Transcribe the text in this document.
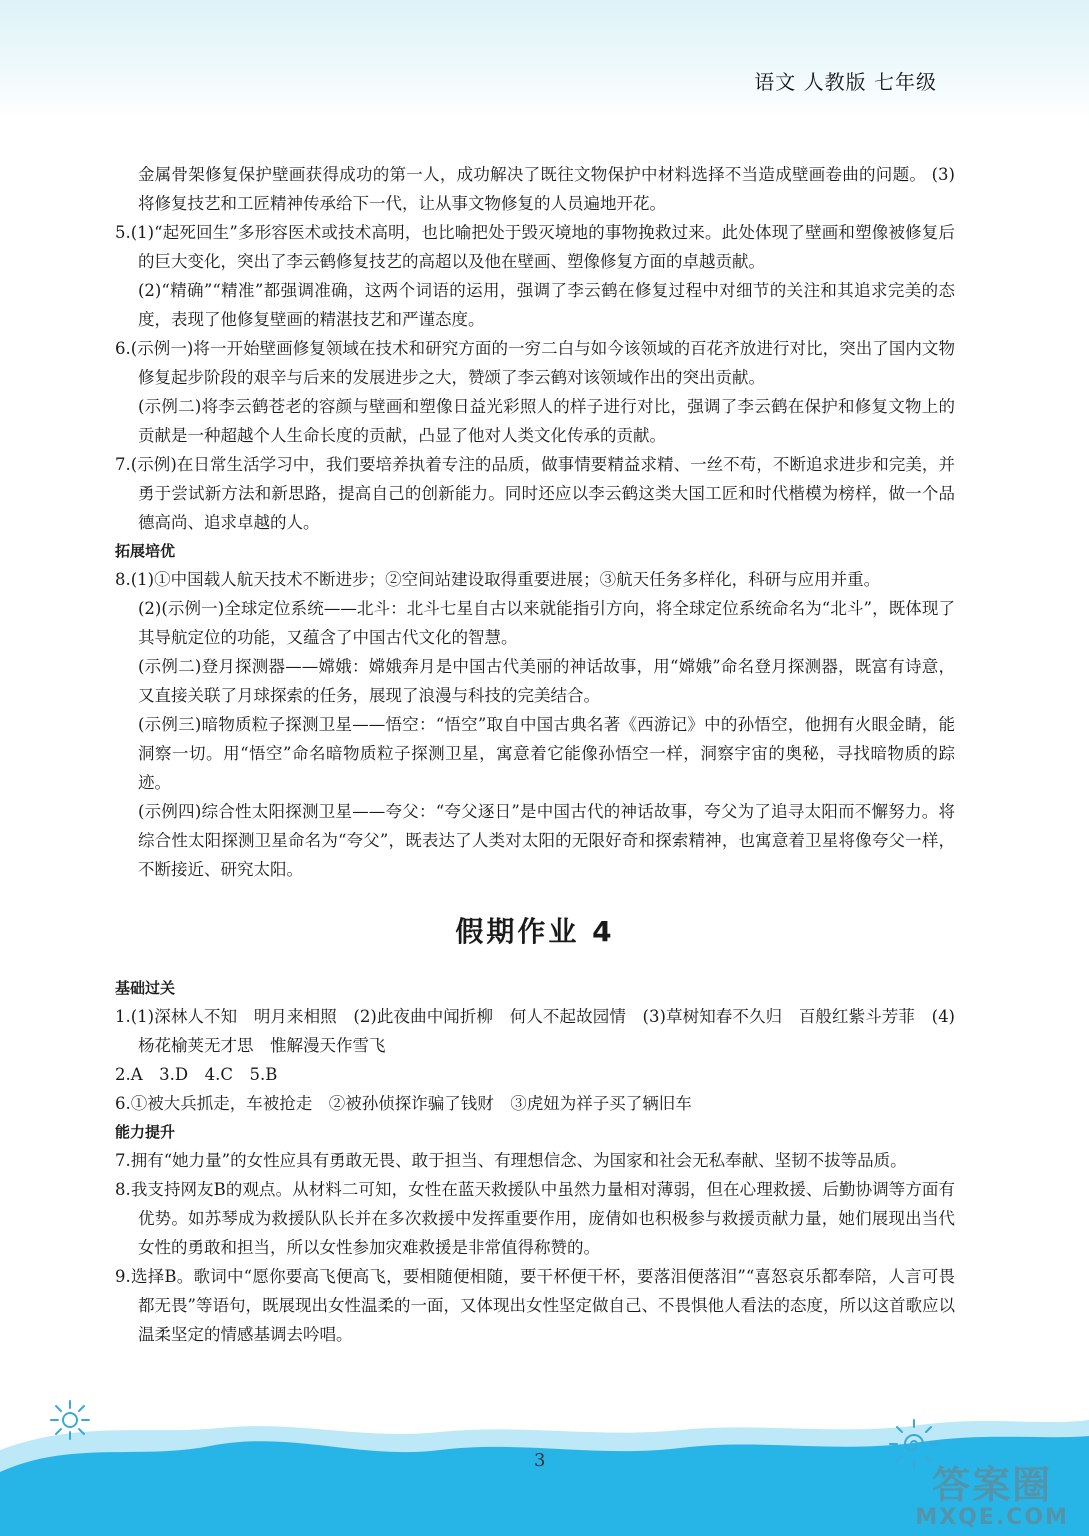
语文 人教版 七年级

金属骨架修复保护壁画获得成功的第一人，成功解决了既往文物保护中材料选择不当造成壁画卷曲的问题。 (3)将修复技艺和工匠精神传承给下一代，让从事文物修复的人员遍地开花。

5.(1)“起死回生”多形容医术或技术高明，也比喻把处于毁灭境地的事物挽救过来。此处体现了壁画和塑像被修复后的巨大变化，突出了李云鹤修复技艺的高超以及他在壁画、塑像修复方面的卓越贡献。

(2)“精确”“精准”都强调准确，这两个词语的运用，强调了李云鹤在修复过程中对细节的关注和其追求完美的态度，表现了他修复壁画的精湛技艺和严谨态度。

6.(示例一)将一开始壁画修复领域在技术和研究方面的一穷二白与如今该领域的百花齐放进行对比，突出了国内文物修复起步阶段的艰辛与后来的发展进步之大，赞颂了李云鹤对该领域作出的突出贡献。

(示例二)将李云鹤苍老的容颜与壁画和塑像日益光彩照人的样子进行对比，强调了李云鹤在保护和修复文物上的贡献是一种超越个人生命长度的贡献，凸显了他对人类文化传承的贡献。

7.(示例)在日常生活学习中，我们要培养执着专注的品质，做事情要精益求精、一丝不苟，不断追求进步和完美，并勇于尝试新方法和新思路，提高自己的创新能力。同时还应以李云鹤这类大国工匠和时代楷模为榜样，做一个品德高尚、追求卓越的人。

拓展培优

8.(1)①中国载人航天技术不断进步；②空间站建设取得重要进展；③航天任务多样化，科研与应用并重。

(2)(示例一)全球定位系统——北斗：北斗七星自古以来就能指引方向，将全球定位系统命名为“北斗”，既体现了其导航定位的功能，又蕴含了中国古代文化的智慧。

(示例二)登月探测器——嫦娥：嫦娥奔月是中国古代美丽的神话故事，用“嫦娥”命名登月探测器，既富有诗意，又直接关联了月球探索的任务，展现了浪漫与科技的完美结合。

(示例三)暗物质粒子探测卫星——悟空：“悟空”取自中国古典名著《西游记》中的孙悟空，他拥有火眼金睛，能洞察一切。用“悟空”命名暗物质粒子探测卫星，寓意着它能像孙悟空一样，洞察宇宙的奥秘，寻找暗物质的踪迹。

(示例四)综合性太阳探测卫星——夸父：“夸父逐日”是中国古代的神话故事，夸父为了追寻太阳而不懈努力。将综合性太阳探测卫星命名为“夸父”，既表达了人类对太阳的无限好奇和探索精神，也寓意着卫星将像夸父一样，不断接近、研究太阳。

假期作业 4

基础过关

1.(1)深林人不知　明月来相照　(2)此夜曲中闻折柳　何人不起故园情　(3)草树知春不久归　百般红紫斗芳菲　(4)杨花榆荚无才思　惟解漫天作雪飞

2.A　3.D　4.C　5.B

6.①被大兵抓走，车被抢走　②被孙侦探诈骗了钱财　③虎妞为祥子买了辆旧车

能力提升

7.拥有“她力量”的女性应具有勇敢无畏、敢于担当、有理想信念、为国家和社会无私奉献、坚韧不拔等品质。

8.我支持网友B的观点。从材料二可知，女性在蓝天救援队中虽然力量相对薄弱，但在心理救援、后勤协调等方面有优势。如苏琴成为救援队队长并在多次救援中发挥重要作用，庞倩如也积极参与救援贡献力量，她们展现出当代女性的勇敢和担当，所以女性参加灾难救援是非常值得称赞的。

9.选择B。歌词中“愿你要高飞便高飞，要相随便相随，要干杯便干杯，要落泪便落泪”“喜怒哀乐都奉陪，人言可畏都无畏”等语句，既展现出女性温柔的一面，又体现出女性坚定做自己、不畏惧他人看法的态度，所以这首歌应以温柔坚定的情感基调去吟唱。

3
答案圈
MXQE.COM
